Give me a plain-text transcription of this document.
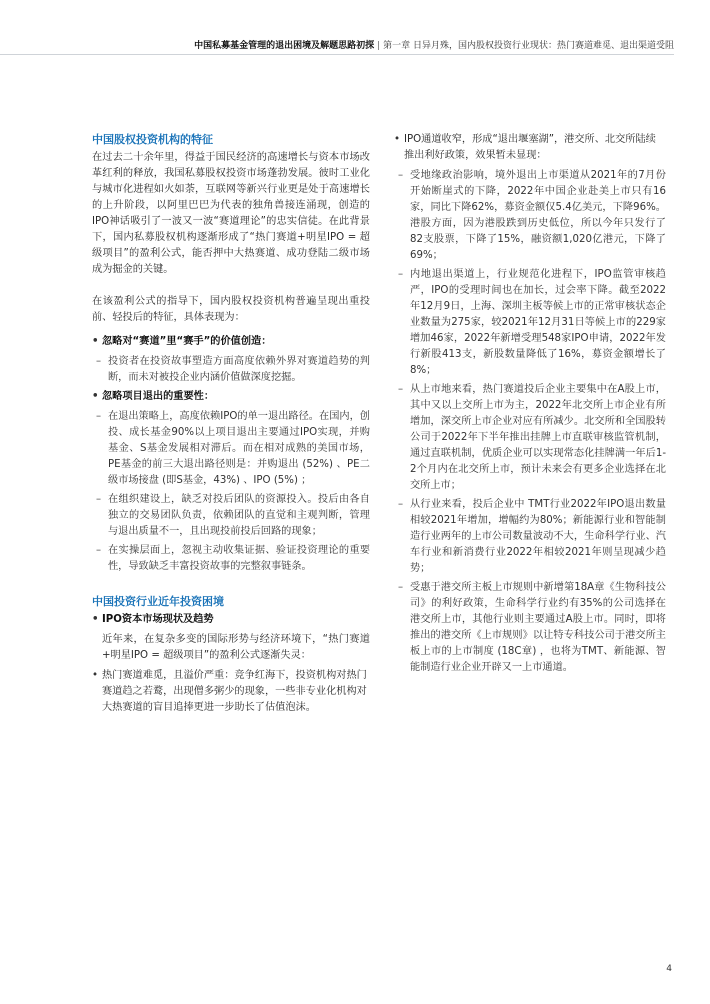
中国私募基金管理的退出困境及解题思路初探 | 第一章 日异月殊，国内股权投资行业现状：热门赛道难觅、退出渠道受阻
中国股权投资机构的特征
在过去二十余年里，得益于国民经济的高速增长与资本市场改革红利的释放，我国私募股权投资市场蓬勃发展。彼时工业化与城市化进程如火如荼，互联网等新兴行业更是处于高速增长的上升阶段，以阿里巴巴为代表的独角兽接连涌现，创造的IPO神话吸引了一波又一波“赛道理论”的忠实信徒。在此背景下，国内私募股权机构逐渐形成了“热门赛道+明星IPO = 超级项目”的盈利公式，能否押中大热赛道、成功登陆二级市场成为掘金的关键。
在该盈利公式的指导下，国内股权投资机构普遍呈现出重投前、轻投后的特征，具体表现为：
• 忽略对“赛道”里“赛手”的价值创造：
– 投资者在投资故事塑造方面高度依赖外界对赛道趋势的判断，而未对被投企业内涵价值做深度挖掘。
• 忽略项目退出的重要性：
– 在退出策略上，高度依赖IPO的单一退出路径。在国内，创投、成长基金90%以上项目退出主要通过IPO实现，并购基金、S基金发展相对滞后。而在相对成熟的美国市场， PE基金的前三大退出路径则是：并购退出 (52%) 、PE二级市场接盘 (即S基金，43%) 、IPO (5%) ；
– 在组织建设上，缺乏对投后团队的资源投入。投后由各自独立的交易团队负责，依赖团队的直觉和主观判断，管理与退出质量不一，且出现投前投后回路的现象；
– 在实操层面上，忽视主动收集证据、验证投资理论的重要性，导致缺乏丰富投资故事的完整叙事链条。
中国投资行业近年投资困境
• IPO资本市场现状及趋势
近年来，在复杂多变的国际形势与经济环境下，“热门赛道+明星IPO = 超级项目”的盈利公式逐渐失灵：
• 热门赛道难觅，且溢价严重：竞争红海下，投资机构对热门赛道趋之若鹜，出现僧多粥少的现象，一些非专业化机构对大热赛道的盲目追捧更进一步助长了估值泡沫。
• IPO通道收窄，形成“退出堰塞湖”，港交所、北交所陆续推出利好政策，效果暂未显现：
– 受地缘政治影响，境外退出上市渠道从2021年的7月份开始断崖式的下降，2022年中国企业赴美上市只有16家，同比下降62%，募资金额仅5.4亿美元，下降96%。港股方面，因为港股跌到历史低位，所以今年只发行了82支股票，下降了15%，融资额1,020亿港元，下降了69%；
– 内地退出渠道上，行业规范化进程下，IPO监管审核趋严，IPO的受理时间也在加长，过会率下降。截至2022年12月9日，上海、深圳主板等候上市的正常审核状态企业数量为275家，较2021年12月31日等候上市的229家增加46家，2022年新增受理548家IPO申请，2022年发行新股413支，新股数量降低了16%，募资金额增长了8%；
– 从上市地来看，热门赛道投后企业主要集中在A股上市，其中又以上交所上市为主，2022年北交所上市企业有所增加，深交所上市企业对应有所减少。北交所和全国股转公司于2022年下半年推出挂牌上市直联审核监管机制，通过直联机制，优质企业可以实现常态化挂牌满一年后1-2个月内在北交所上市，预计未来会有更多企业选择在北交所上市；
– 从行业来看，投后企业中 TMT行业2022年IPO退出数量相较2021年增加，增幅约为80%；新能源行业和智能制造行业两年的上市公司数量波动不大，生命科学行业、汽车行业和新消费行业2022年相较2021年则呈现减少趋势；
– 受惠于港交所主板上市规则中新增第18A章《生物科技公司》的利好政策，生命科学行业约有35%的公司选择在港交所上市，其他行业则主要通过A股上市。同时，即将推出的港交所《上市规则》以让特专科技公司于港交所主板上市的上市制度 (18C章) ，也将为TMT、新能源、智能制造行业企业开辟又一上市通道。
4
